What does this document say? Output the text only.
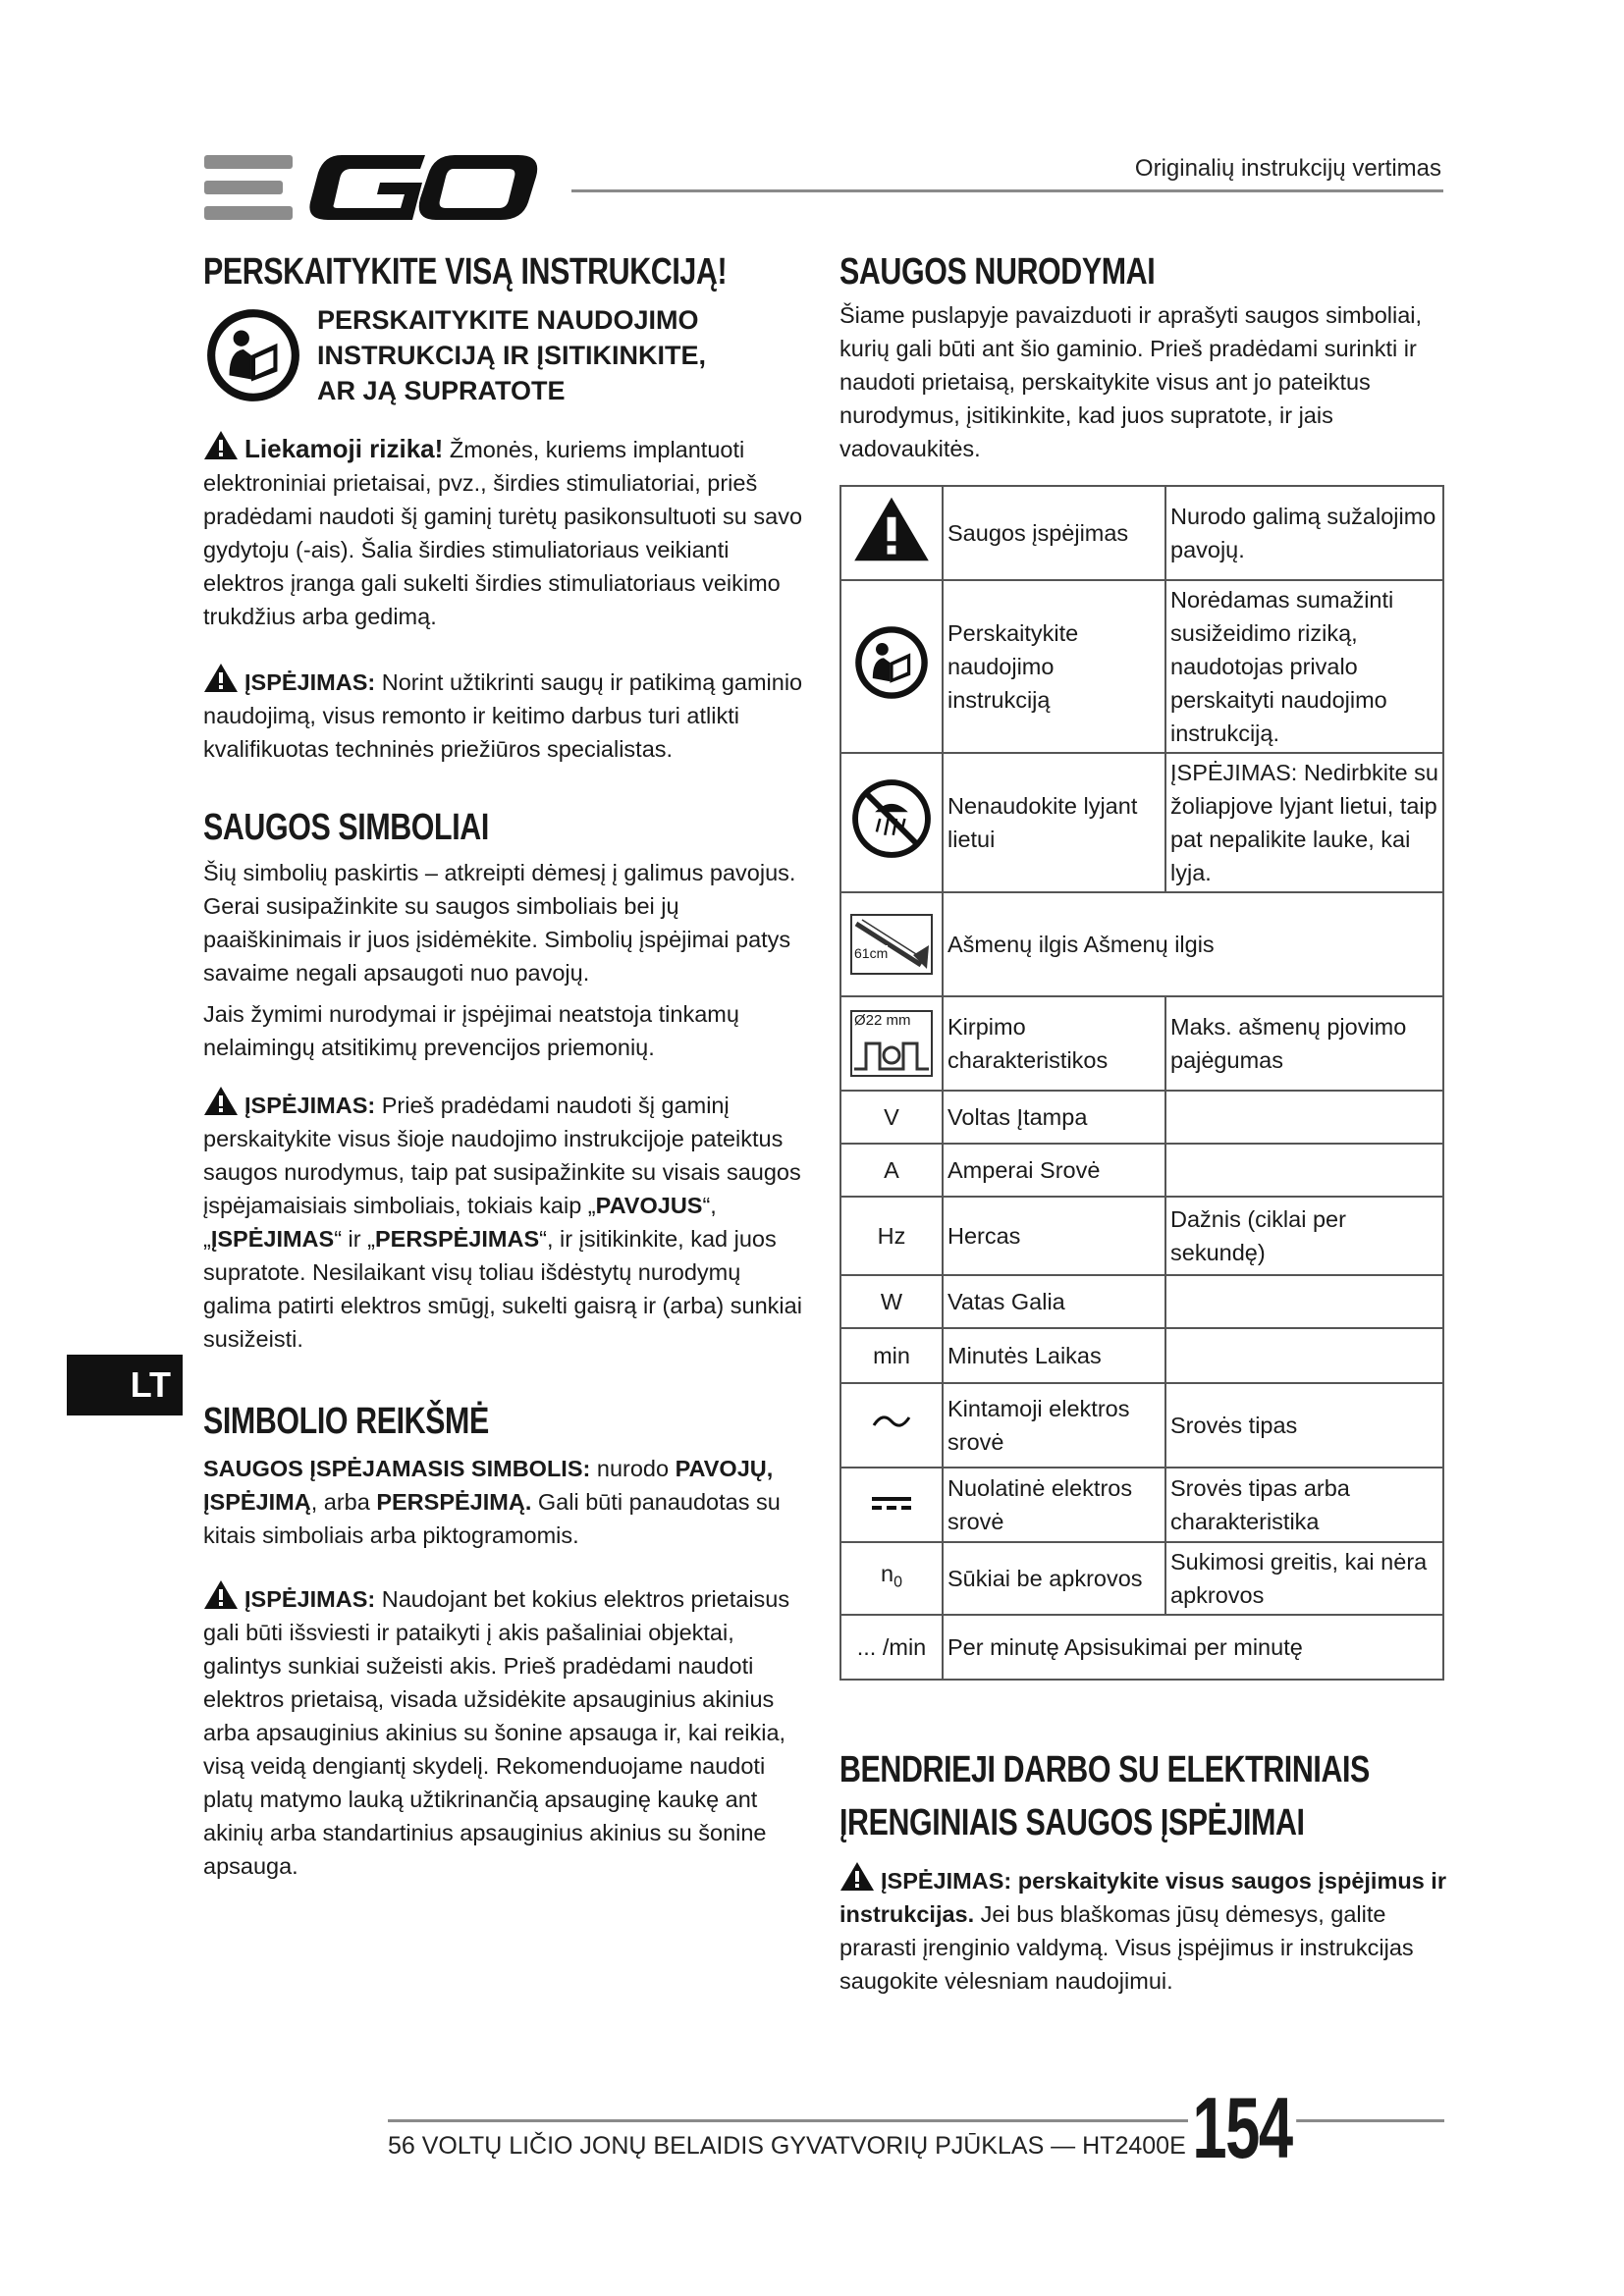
Originalių instrukcijų vertimas
LT
PERSKAITYKITE VISĄ INSTRUKCIJĄ!
PERSKAITYKITE NAUDOJIMO INSTRUKCIJĄ IR ĮSITIKINKITE, AR JĄ SUPRATOTE

Liekamoji rizika! Žmonės, kuriems implantuoti elektroniniai prietaisai, pvz., širdies stimuliatoriai, prieš pradėdami naudoti šį gaminį turėtų pasikonsultuoti su savo gydytoju (-ais). Šalia širdies stimuliatoriaus veikianti elektros įranga gali sukelti širdies stimuliatoriaus veikimo trukdžius arba gedimą.

ĮSPĖJIMAS: Norint užtikrinti saugų ir patikimą gaminio naudojimą, visus remonto ir keitimo darbus turi atlikti kvalifikuotas techninės priežiūros specialistas.

SAUGOS SIMBOLIAI

Šių simbolių paskirtis – atkreipti dėmesį į galimus pavojus. Gerai susipažinkite su saugos simboliais bei jų paaiškinimais ir juos įsidėmėkite. Simbolių įspėjimai patys savaime negali apsaugoti nuo pavojų.

Jais žymimi nurodymai ir įspėjimai neatstoja tinkamų nelaimingų atsitikimų prevencijos priemonių.

ĮSPĖJIMAS: Prieš pradėdami naudoti šį gaminį perskaitykite visus šioje naudojimo instrukcijoje pateiktus saugos nurodymus, taip pat susipažinkite su visais saugos įspėjamaisiais simboliais, tokiais kaip „PAVOJUS“, „ĮSPĖJIMAS“ ir „PERSPĖJIMAS“, ir įsitikinkite, kad juos supratote. Nesilaikant visų toliau išdėstytų nurodymų galima patirti elektros smūgį, sukelti gaisrą ir (arba) sunkiai susižeisti.

SIMBOLIO REIKŠMĖ

SAUGOS ĮSPĖJAMASIS SIMBOLIS: nurodo PAVOJŲ, ĮSPĖJIMĄ, arba PERSPĖJIMĄ. Gali būti panaudotas su kitais simboliais arba piktogramomis.

ĮSPĖJIMAS: Naudojant bet kokius elektros prietaisus gali būti išsviesti ir pataikyti į akis pašaliniai objektai, galintys sunkiai sužeisti akis. Prieš pradėdami naudoti elektros prietaisą, visada užsidėkite apsauginius akinius arba apsauginius akinius su šonine apsauga ir, kai reikia, visą veidą dengiantį skydelį. Rekomenduojame naudoti platų matymo lauką užtikrinančią apsauginę kaukę ant akinių arba standartinius apsauginius akinius su šonine apsauga.

SAUGOS NURODYMAI

Šiame puslapyje pavaizduoti ir aprašyti saugos simboliai, kurių gali būti ant šio gaminio. Prieš pradėdami surinkti ir naudoti prietaisą, perskaitykite visus ant jo pateiktus nurodymus, įsitikinkite, kad juos supratote, ir jais vadovaukitės.

	Saugos įspėjimas	Nurodo galimą sužalojimo pavojų.
	Perskaitykite naudojimo instrukciją	Norėdamas sumažinti susižeidimo riziką, naudotojas privalo perskaityti naudojimo instrukciją.
	Nenaudokite lyjant lietui	ĮSPĖJIMAS: Nedirbkite su žoliapjove lyjant lietui, taip pat nepalikite lauke, kai lyja.

61cm	Ašmenų ilgis Ašmenų ilgis	

Ø22 mm	Kirpimo charakteristikos	Maks. ašmenų pjovimo pajėgumas
V	Voltas Įtampa	
A	Amperai Srovė	
Hz	Hercas	Dažnis (ciklai per sekundę)
W	Vatas Galia	
min	Minutės Laikas	
	Kintamoji elektros srovė	Srovės tipas
	Nuolatinė elektros srovė	Srovės tipas arba charakteristika
$n_0$	Sūkiai be apkrovos	Sukimosi greitis, kai nėra apkrovos
... /min	Per minutę Apsisukimai per minutę	
BENDRIEJI DARBO SU ELEKTRINIAIS
ĮRENGINIAIS SAUGOS ĮSPĖJIMAI

ĮSPĖJIMAS: perskaitykite visus saugos įspėjimus ir instrukcijas. Jei bus blaškomas jūsų dėmesys, galite prarasti įrenginio valdymą. Visus įspėjimus ir instrukcijas saugokite vėlesniam naudojimui.

56 VOLTŲ LIČIO JONŲ BELAIDIS GYVATVORIŲ PJŪKLAS — HT2400E 154
